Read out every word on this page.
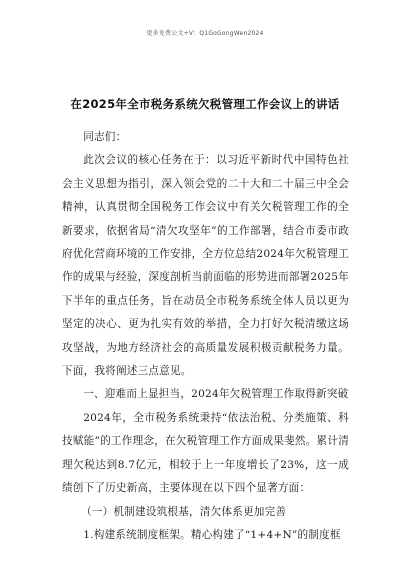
更多免费公文+V：Q1GoGongWen2024
在2025年全市税务系统欠税管理工作会议上的讲话

同志们：

此次会议的核心任务在于：以习近平新时代中国特色社会主义思想为指引，深入领会党的二十大和二十届三中全会精神，认真贯彻全国税务工作会议中有关欠税管理工作的全新要求，依据省局“清欠攻坚年”的工作部署，结合市委市政府优化营商环境的工作安排，全方位总结2024年欠税管理工作的成果与经验，深度剖析当前面临的形势进而部署2025年下半年的重点任务，旨在动员全市税务系统全体人员以更为坚定的决心、更为扎实有效的举措，全力打好欠税清缴这场攻坚战，为地方经济社会的高质量发展积极贡献税务力量。下面，我将阐述三点意见。

一、迎难而上显担当，2024年欠税管理工作取得新突破

2024年，全市税务系统秉持“依法治税、分类施策、科技赋能”的工作理念，在欠税管理工作方面成果斐然。累计清理欠税达到8.7亿元，相较于上一年度增长了23%，这一成绩创下了历史新高，主要体现在以下四个显著方面：

（一）机制建设筑根基，清欠体系更加完善

1.构建系统制度框架。精心构建了“1+4+N”的制度框
